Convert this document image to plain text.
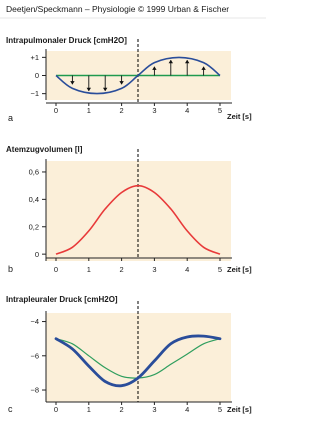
Deetjen/Speckmann – Physiologie © 1999 Urban & Fischer
Intrapulmonaler Druck [cmH2O]
a	Zeit [s]
+1
0
−1
0	1	2	3	4	5
Atemzugvolumen [l]
b	Zeit [s]
0,6
0,4
0,2
0
0	1	2	3	4	5
Intrapleuraler Druck [cmH2O]
c	Zeit [s]
−4
−6
−8
0	1	2	3	4	5
